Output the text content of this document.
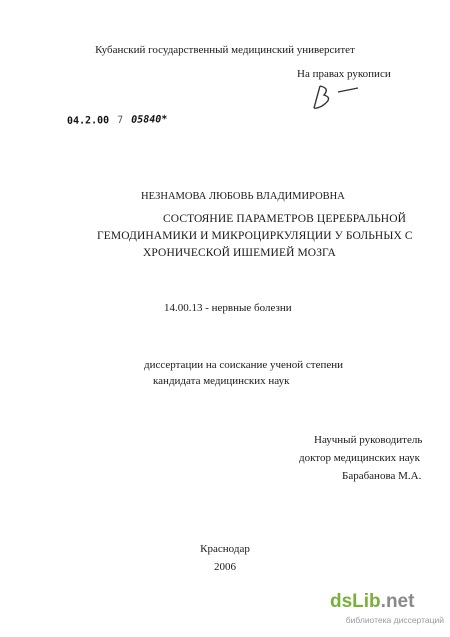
Кубанский государственный медицинский университет
На правах рукописи
04.2.00 7 05840*
НЕЗНАМОВА ЛЮБОВЬ ВЛАДИМИРОВНА
СОСТОЯНИЕ ПАРАМЕТРОВ ЦЕРЕБРАЛЬНОЙ
ГЕМОДИНАМИКИ И МИКРОЦИРКУЛЯЦИИ У БОЛЬНЫХ С
ХРОНИЧЕСКОЙ ИШЕМИЕЙ МОЗГА
14.00.13 - нервные болезни
диссертации на соискание ученой степени
кандидата медицинских наук
Научный руководитель
доктор медицинских наук
Барабанова М.А.
Краснодар
2006
dsLib.net
библиотека диссертаций
